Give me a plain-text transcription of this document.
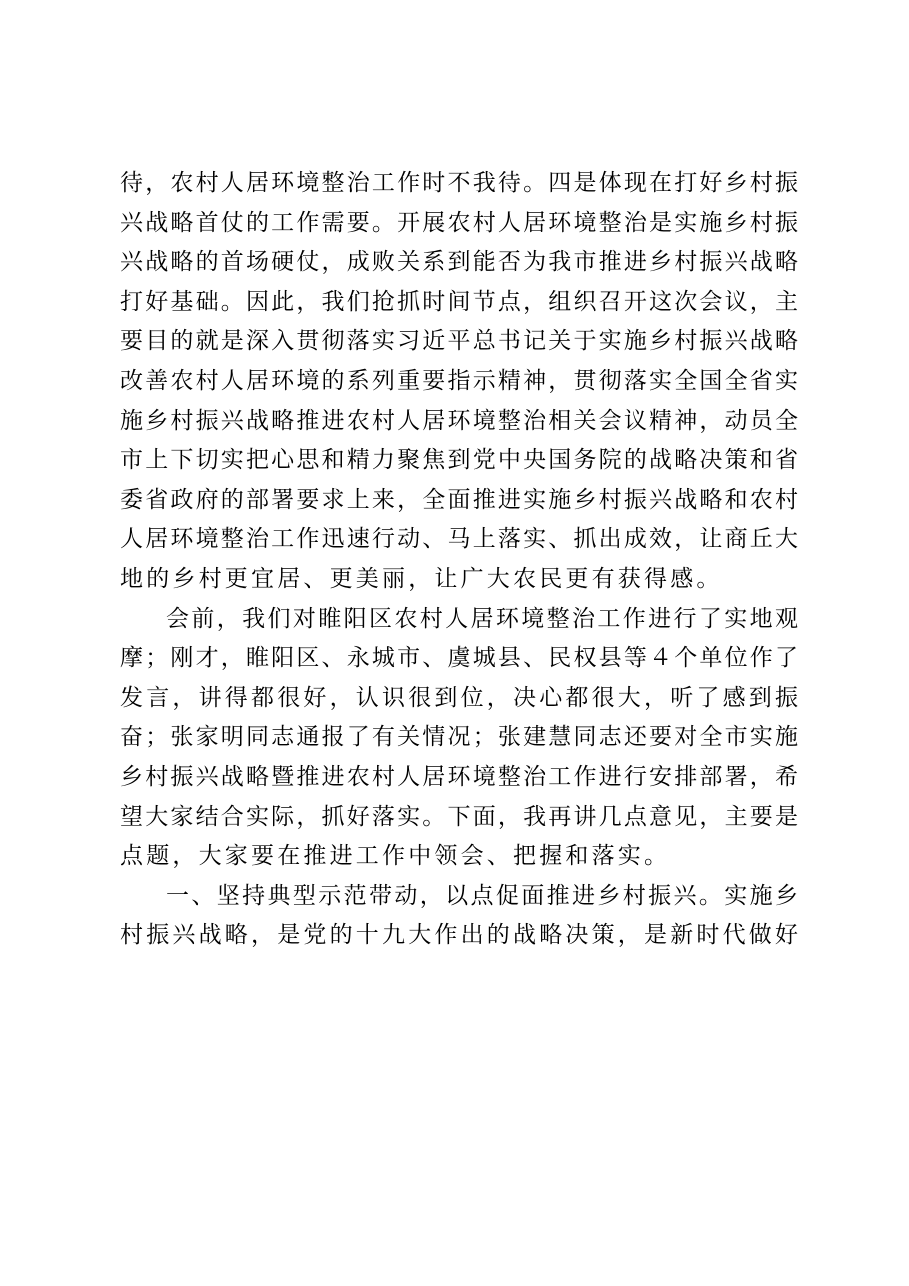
待，农村人居环境整治工作时不我待。四是体现在打好乡村振
兴战略首仗的工作需要。开展农村人居环境整治是实施乡村振
兴战略的首场硬仗，成败关系到能否为我市推进乡村振兴战略
打好基础。因此，我们抢抓时间节点，组织召开这次会议，主
要目的就是深入贯彻落实习近平总书记关于实施乡村振兴战略
改善农村人居环境的系列重要指示精神，贯彻落实全国全省实
施乡村振兴战略推进农村人居环境整治相关会议精神，动员全
市上下切实把心思和精力聚焦到党中央国务院的战略决策和省
委省政府的部署要求上来，全面推进实施乡村振兴战略和农村
人居环境整治工作迅速行动、马上落实、抓出成效，让商丘大
地的乡村更宜居、更美丽，让广大农民更有获得感。
会前，我们对睢阳区农村人居环境整治工作进行了实地观
摩；刚才，睢阳区、永城市、虞城县、民权县等４个单位作了
发言，讲得都很好，认识很到位，决心都很大，听了感到振
奋；张家明同志通报了有关情况；张建慧同志还要对全市实施
乡村振兴战略暨推进农村人居环境整治工作进行安排部署，希
望大家结合实际，抓好落实。下面，我再讲几点意见，主要是
点题，大家要在推进工作中领会、把握和落实。
一、坚持典型示范带动，以点促面推进乡村振兴。实施乡
村振兴战略，是党的十九大作出的战略决策，是新时代做好
